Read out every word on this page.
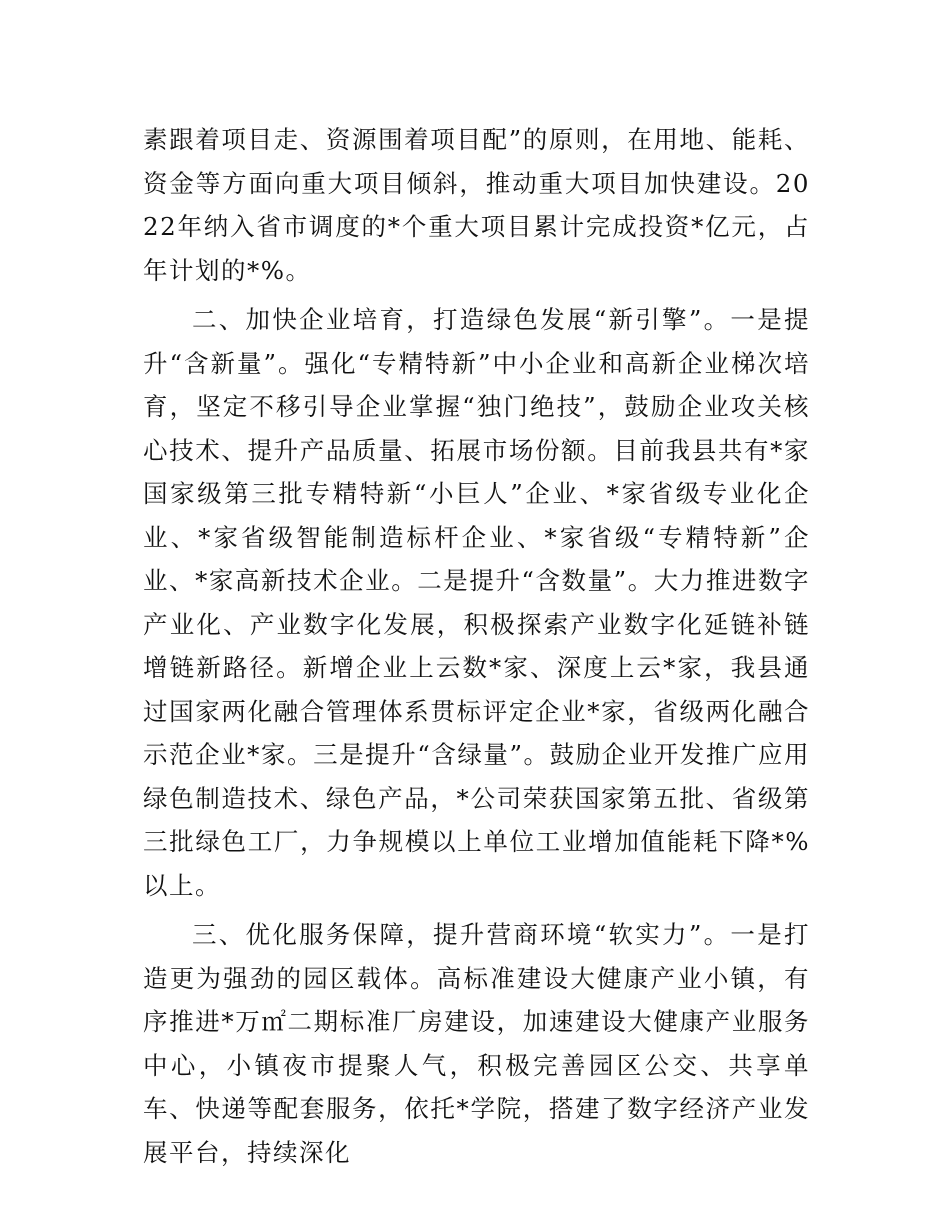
素跟着项目走、资源围着项目配”的原则，在用地、能耗、资金等方面向重大项目倾斜，推动重大项目加快建设。2022年纳入省市调度的*个重大项目累计完成投资*亿元，占年计划的*%。

二、加快企业培育，打造绿色发展“新引擎”。一是提升“含新量”。强化“专精特新”中小企业和高新企业梯次培育，坚定不移引导企业掌握“独门绝技”，鼓励企业攻关核心技术、提升产品质量、拓展市场份额。目前我县共有*家国家级第三批专精特新“小巨人”企业、*家省级专业化企业、*家省级智能制造标杆企业、*家省级“专精特新”企业、*家高新技术企业。二是提升“含数量”。大力推进数字产业化、产业数字化发展，积极探索产业数字化延链补链增链新路径。新增企业上云数*家、深度上云*家，我县通过国家两化融合管理体系贯标评定企业*家，省级两化融合示范企业*家。三是提升“含绿量”。鼓励企业开发推广应用绿色制造技术、绿色产品，*公司荣获国家第五批、省级第三批绿色工厂，力争规模以上单位工业增加值能耗下降*%以上。

三、优化服务保障，提升营商环境“软实力”。一是打造更为强劲的园区载体。高标准建设大健康产业小镇，有序推进*万㎡二期标准厂房建设，加速建设大健康产业服务中心，小镇夜市提聚人气，积极完善园区公交、共享单车、快递等配套服务，依托*学院，搭建了数字经济产业发展平台，持续深化
